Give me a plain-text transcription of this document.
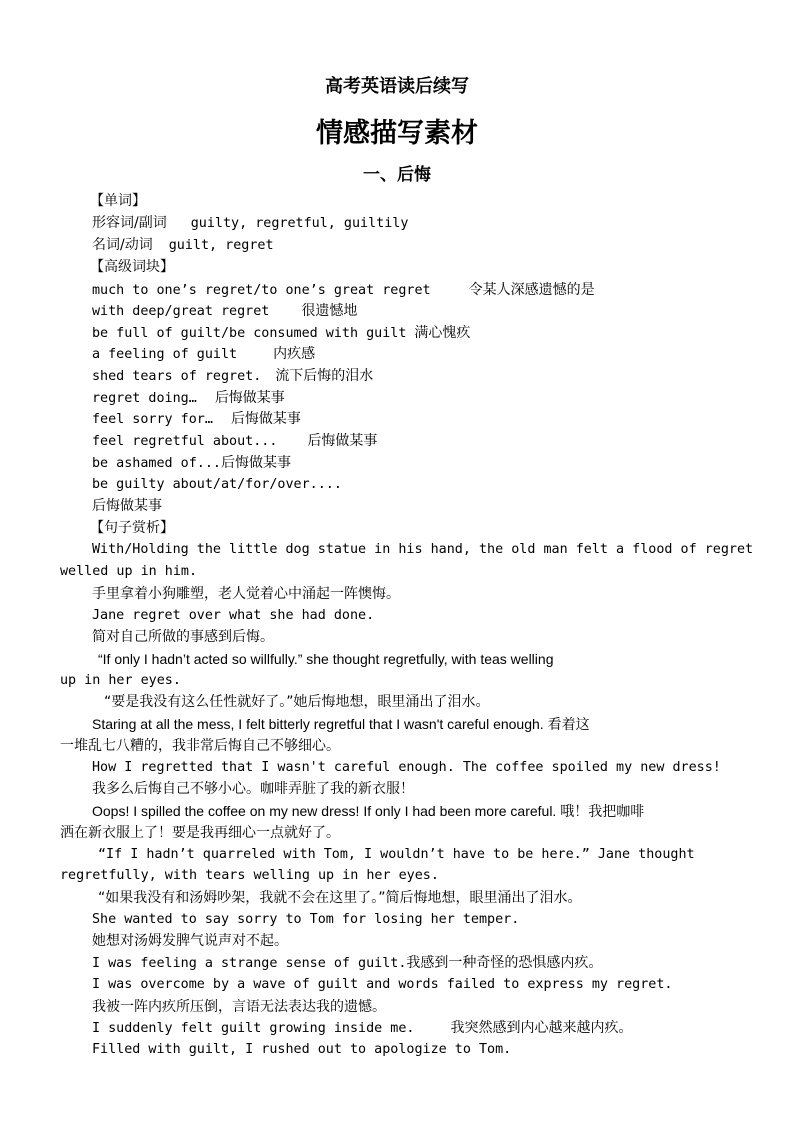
高考英语读后续写
情感描写素材
一、后悔
【单词】
形容词/副词 guilty, regretful, guiltily
名词/动词 guilt, regret
【高级词块】
much to one’s regret/to one’s great regret	令某人深感遗憾的是
with deep/great regret 很遗憾地
be full of guilt/be consumed with guilt 满心愧疚
a feeling of guilt	内疚感
shed tears of regret. 流下后悔的泪水
regret doing… 后悔做某事
feel sorry for… 后悔做某事
feel regretful about... 后悔做某事
be ashamed of...后悔做某事
be guilty about/at/for/over....
后悔做某事
【句子赏析】
With/Holding the little dog statue in his hand, the old man felt a flood of regret
welled up in him.
手里拿着小狗雕塑，老人觉着心中涌起一阵懊悔。
Jane regret over what she had done.
简对自己所做的事感到后悔。
“If only I hadn’t acted so willfully.” she thought regretfully, with teas welling
up in her eyes.
“要是我没有这么任性就好了。”她后悔地想，眼里涌出了泪水。
Staring at all the mess, I felt bitterly regretful that I wasn't careful enough. 看着这
一堆乱七八糟的，我非常后悔自己不够细心。
How I regretted that I wasn't careful enough. The coffee spoiled my new dress!
我多么后悔自己不够小心。咖啡弄脏了我的新衣服！
Oops! I spilled the coffee on my new dress! If only I had been more careful. 哦！我把咖啡
洒在新衣服上了！要是我再细心一点就好了。
“If I hadn’t quarreled with Tom, I wouldn’t have to be here.” Jane thought
regretfully, with tears welling up in her eyes.
“如果我没有和汤姆吵架，我就不会在这里了。”简后悔地想，眼里涌出了泪水。
She wanted to say sorry to Tom for losing her temper.
她想对汤姆发脾气说声对不起。
I was feeling a strange sense of guilt.我感到一种奇怪的恐惧感内疚。
I was overcome by a wave of guilt and words failed to express my regret.
我被一阵内疚所压倒，言语无法表达我的遗憾。
I suddenly felt guilt growing inside me.	我突然感到内心越来越内疚。
Filled with guilt, I rushed out to apologize to Tom.
